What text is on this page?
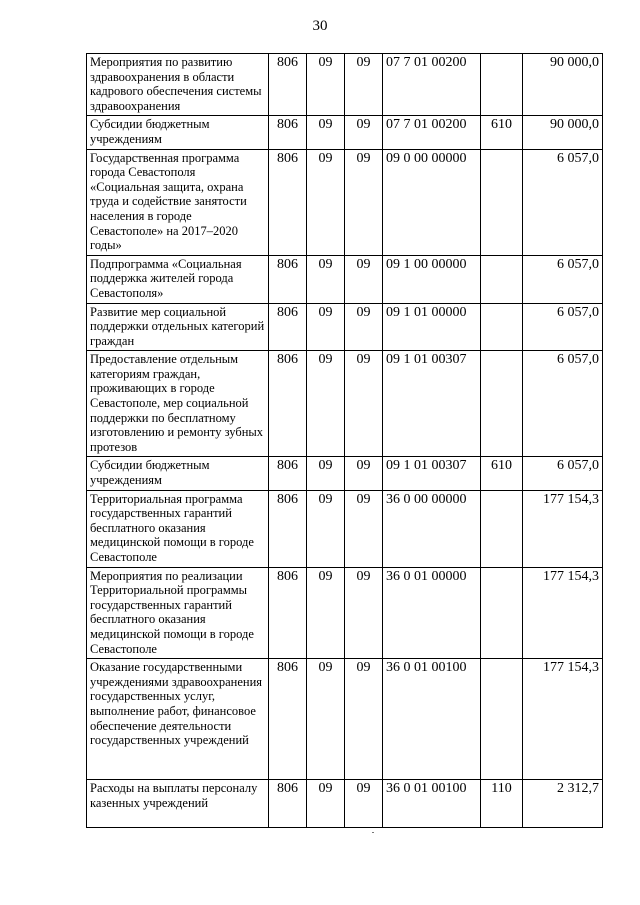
30
Мероприятия по развитию здравоохранения в области кадрового обеспечения системы здравоохранения	806	09	09	07 7 01 00200		90 000,0
Субсидии бюджетным учреждениям	806	09	09	07 7 01 00200	610	90 000,0
Государственная программа города Севастополя «Социальная защита, охрана труда и содействие занятости населения в городе Севастополе» на 2017–2020 годы»	806	09	09	09 0 00 00000		6 057,0
Подпрограмма «Социальная поддержка жителей города Севастополя»	806	09	09	09 1 00 00000		6 057,0
Развитие мер социальной поддержки отдельных категорий граждан	806	09	09	09 1 01 00000		6 057,0
Предоставление отдельным категориям граждан, проживающих в городе Севастополе, мер социальной поддержки по бесплатному изготовлению и ремонту зубных протезов	806	09	09	09 1 01 00307		6 057,0
Субсидии бюджетным учреждениям	806	09	09	09 1 01 00307	610	6 057,0
Территориальная программа государственных гарантий бесплатного оказания медицинской помощи в городе Севастополе	806	09	09	36 0 00 00000		177 154,3
Мероприятия по реализации Территориальной программы государственных гарантий бесплатного оказания медицинской помощи в городе Севастополе	806	09	09	36 0 01 00000		177 154,3
Оказание государственными учреждениями здравоохранения государственных услуг, выполнение работ, финансовое обеспечение деятельности государственных учреждений	806	09	09	36 0 01 00100		177 154,3
Расходы на выплаты персоналу казенных учреждений	806	09	09	36 0 01 00100	110	2 312,7
